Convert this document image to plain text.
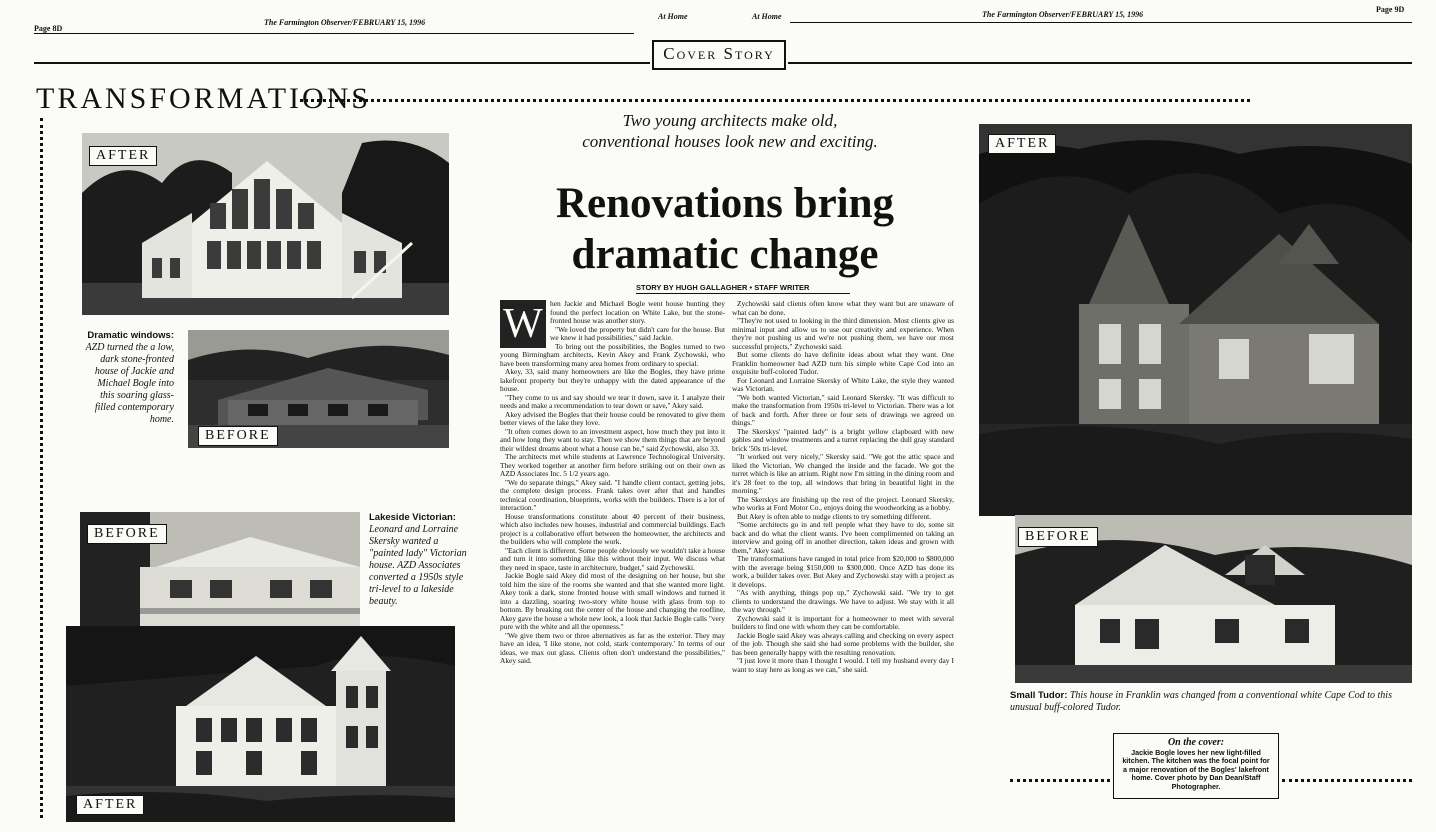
Page 8D
The Farmington Observer/FEBRUARY 15, 1996
At Home	At Home	The Farmington Observer/FEBRUARY 15, 1996
Page 9D
Cover Story
TRANSFORMATIONS
AFTER
BEFORE
Dramatic windows: AZD turned the a low, dark stone-fronted house of Jackie and Michael Bogle into this soaring glass-filled contemporary home.
BEFORE
AFTER
Lakeside Victorian:
Leonard and Lorraine Skersky wanted a "painted lady" Victorian house. AZD Associates converted a 1950s style tri-level to a lakeside beauty.
Two young architects make old, conventional houses look new and exciting.
Renovations bring dramatic change
STORY BY HUGH GALLAGHER • STAFF WRITER
W hen Jackie and Michael Bogle went house hunting they found the perfect location on White Lake, but the stone-fronted house was another story.

"We loved the property but didn't care for the house. But we knew it had possibilities," said Jackie.

To bring out the possibilities, the Bogles turned to two young Birmingham architects, Kevin Akey and Frank Zychowski, who have been transforming many area homes from ordinary to special.

Akey, 33, said many homeowners are like the Bogles, they have prime lakefront property but they're unhappy with the dated appearance of the house.

"They come to us and say should we tear it down, save it. I analyze their needs and make a recommendation to tear down or save," Akey said.

Akey advised the Bogles that their house could be renovated to give them better views of the lake they love.

"It often comes down to an investment aspect, how much they put into it and how long they want to stay. Then we show them things that are beyond their wildest dreams about what a house can be," said Zychowski, also 33.

The architects met while students at Lawrence Technological University. They worked together at another firm before striking out on their own as AZD Associates Inc. 5 1/2 years ago.

"We do separate things," Akey said. "I handle client contact, getting jobs, the complete design process. Frank takes over after that and handles technical coordination, blueprints, works with the builders. There is a lot of interaction."

House transformations constitute about 40 percent of their business, which also includes new houses, industrial and commercial buildings. Each project is a collaborative effort between the homeowner, the architects and the builders who will complete the work.

"Each client is different. Some people obviously we wouldn't take a house and turn it into something like this without their input. We discuss what they need in space, taste in architecture, budget," said Zychowski.

Jackie Bogle said Akey did most of the designing on her house, but she told him the size of the rooms she wanted and that she wanted more light. Akey took a dark, stone fronted house with small windows and turned it into a dazzling, soaring two-story white house with glass from top to bottom. By breaking out the center of the house and changing the roofline, Akey gave the house a whole new look, a look that Jackie Bogle calls "very pure with the white and all the openness."

"We give them two or three alternatives as far as the exterior. They may have an idea, 'I like stone, not cold, stark contemporary.' In terms of our ideas, we max out glass. Clients often don't understand the possibilities," Akey said.

Zychowski said clients often know what they want but are unaware of what can be done.

"They're not used to looking in the third dimension. Most clients give us minimal input and allow us to use our creativity and experience. When they're not pushing us and we're not pushing them, we have our most successful projects," Zychowski said.

But some clients do have definite ideas about what they want. One Franklin homeowner had AZD turn his simple white Cape Cod into an exquisite buff-colored Tudor.

For Leonard and Lorraine Skersky of White Lake, the style they wanted was Victorian.

"We both wanted Victorian," said Leonard Skersky. "It was difficult to make the transformation from 1950s tri-level to Victorian. There was a lot of back and forth. After three or four sets of drawings we agreed on things."

The Skerskys' "painted lady" is a bright yellow clapboard with new gables and window treatments and a turret replacing the dull gray standard brick '50s tri-level.

"It worked out very nicely," Skersky said. "We got the attic space and liked the Victorian. We changed the inside and the facade. We got the turret which is like an atrium. Right now I'm sitting in the dining room and it's 28 feet to the top, all windows that bring in beautiful light in the morning."

The Skerskys are finishing up the rest of the project. Leonard Skersky, who works at Ford Motor Co., enjoys doing the woodworking as a hobby.

But Akey is often able to nudge clients to try something different.

"Some architects go in and tell people what they have to do, some sit back and do what the client wants. I've been complimented on taking an interview and going off in another direction, taken ideas and grown with them," Akey said.

The transformations have ranged in total price from $20,000 to $800,000 with the average being $150,000 to $300,000. Once AZD has done its work, a builder takes over. But Akey and Zychowski stay with a project as it develops.

"As with anything, things pop up," Zychowski said. "We try to get clients to understand the drawings. We have to adjust. We stay with it all the way through."

Zychowski said it is important for a homeowner to meet with several builders to find one with whom they can be comfortable.

Jackie Bogle said Akey was always calling and checking on every aspect of the job. Though she said she had some problems with the builder, she has been generally happy with the resulting renovation.

"I just love it more than I thought I would. I tell my husband every day I want to stay here as long as we can," she said.

AFTER
BEFORE
Small Tudor: This house in Franklin was changed from a conventional white Cape Cod to this unusual buff-colored Tudor.
On the cover:
Jackie Bogle loves her new light-filled kitchen. The kitchen was the focal point for a major renovation of the Bogles' lakefront home. Cover photo by Dan Dean/Staff Photographer.
